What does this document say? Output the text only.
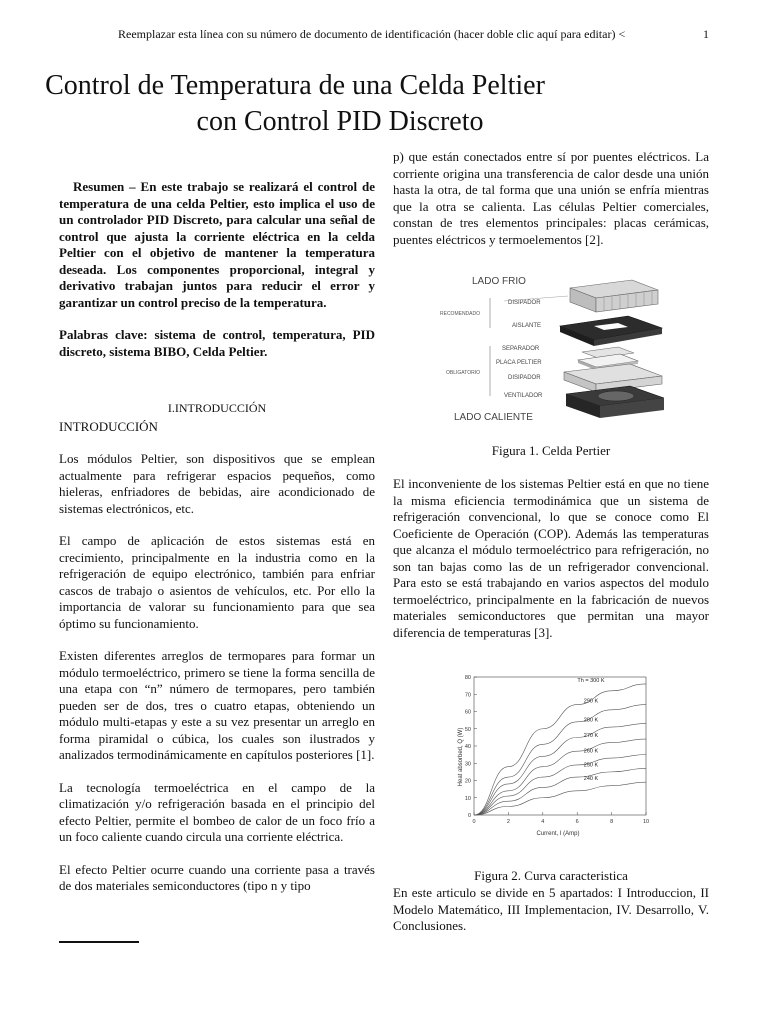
Reemplazar esta línea con su número de documento de identificación (hacer doble clic aquí para editar) <	1
Control de Temperatura de una Celda Peltier
con Control PID Discreto

Resumen – En este trabajo se realizará el control de temperatura de una celda Peltier, esto implica el uso de un controlador PID Discreto, para calcular una señal de control que ajusta la corriente eléctrica en la celda Peltier con el objetivo de mantener la temperatura deseada. Los componentes proporcional, integral y derivativo trabajan juntos para reducir el error y garantizar un control preciso de la temperatura.

Palabras clave: sistema de control, temperatura, PID discreto, sistema BIBO, Celda Peltier.

I.INTRODUCCIÓN

INTRODUCCIÓN

Los módulos Peltier, son dispositivos que se emplean actualmente para refrigerar espacios pequeños, como hieleras, enfriadores de bebidas, aire acondicionado de sistemas electrónicos, etc.

El campo de aplicación de estos sistemas está en crecimiento, principalmente en la industria como en la refrigeración de equipo electrónico, también para enfriar cascos de trabajo o asientos de vehículos, etc. Por ello la importancia de valorar su funcionamiento para que sea óptimo su funcionamiento.

Existen diferentes arreglos de termopares para formar un módulo termoeléctrico, primero se tiene la forma sencilla de una etapa con “n” número de termopares, pero también pueden ser de dos, tres o cuatro etapas, obteniendo un módulo multi-etapas y este a su vez presentar un arreglo en forma piramidal o cúbica, los cuales son ilustrados y analizados termodinámicamente en capítulos posteriores [1].

La tecnología termoeléctrica en el campo de la climatización y/o refrigeración basada en el principio del efecto Peltier, permite el bombeo de calor de un foco frío a un foco caliente cuando circula una corriente eléctrica.

El efecto Peltier ocurre cuando una corriente pasa a través de dos materiales semiconductores (tipo n y tipo

p) que están conectados entre sí por puentes eléctricos. La corriente origina una transferencia de calor desde una unión hasta la otra, de tal forma que una unión se enfría mientras que la otra se calienta. Las células Peltier comerciales, constan de tres elementos principales: placas cerámicas, puentes eléctricos y termoelementos [2].

LADO FRIO
LADO CALIENTE
RECOMENDADO
OBLIGATORIO
DISIPADOR
AISLANTE
SEPARADOR
PLACA PELTIER
DISIPADOR
VENTILADOR
Figura 1. Celda Pertier

El inconveniente de los sistemas Peltier está en que no tiene la misma eficiencia termodinámica que un sistema de refrigeración convencional, lo que se conoce como El Coeficiente de Operación (COP). Además las temperaturas que alcanza el módulo termoeléctrico para refrigeración, no son tan bajas como las de un refrigerador convencional. Para esto se está trabajando en varios aspectos del modulo termoeléctrico, principalmente en la fabricación de nuevos materiales semiconductores que permitan una mayor diferencia de temperaturas [3].

0	2	4	6	8	10
0
10
20
30
40
50
60
70
80	Th = 300 K
290 K
280 K
270 K
260 K
250 K
240 K
Current, I (Amp)
Heat absorbed, Q (W)
Figura 2. Curva caracteristica

En este articulo se divide en 5 apartados: I Introduccion, II Modelo Matemático, III Implementacion, IV. Desarrollo, V. Conclusiones.
